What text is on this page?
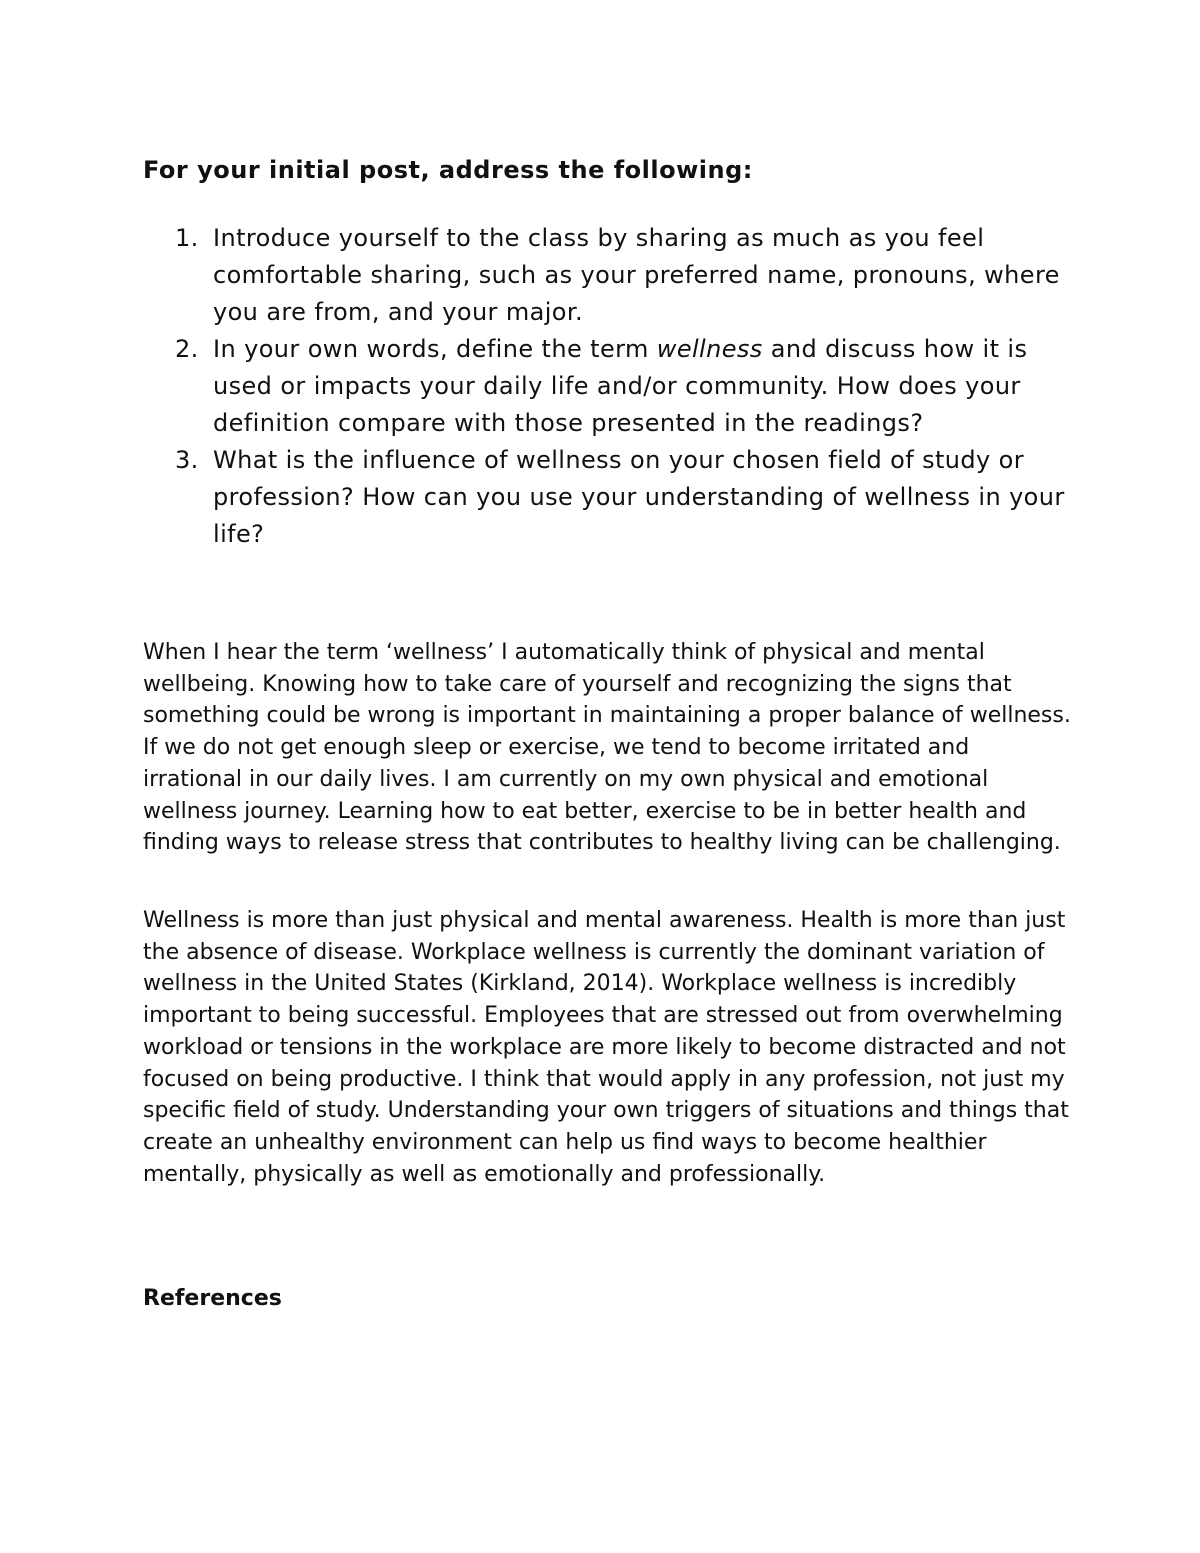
For your initial post, address the following:
1. Introduce yourself to the class by sharing as much as you feel comfortable sharing, such as your preferred name, pronouns, where you are from, and your major.
2. In your own words, define the term wellness and discuss how it is used or impacts your daily life and/or community. How does your definition compare with those presented in the readings?
3. What is the influence of wellness on your chosen field of study or profession? How can you use your understanding of wellness in your life?

When I hear the term ‘wellness’ I automatically think of physical and mental wellbeing. Knowing how to take care of yourself and recognizing the signs that something could be wrong is important in maintaining a proper balance of wellness. If we do not get enough sleep or exercise, we tend to become irritated and irrational in our daily lives. I am currently on my own physical and emotional wellness journey. Learning how to eat better, exercise to be in better health and finding ways to release stress that contributes to healthy living can be challenging.

Wellness is more than just physical and mental awareness. Health is more than just the absence of disease. Workplace wellness is currently the dominant variation of wellness in the United States (Kirkland, 2014). Workplace wellness is incredibly important to being successful. Employees that are stressed out from overwhelming workload or tensions in the workplace are more likely to become distracted and not focused on being productive. I think that would apply in any profession, not just my specific field of study. Understanding your own triggers of situations and things that create an unhealthy environment can help us find ways to become healthier mentally, physically as well as emotionally and professionally.

References
